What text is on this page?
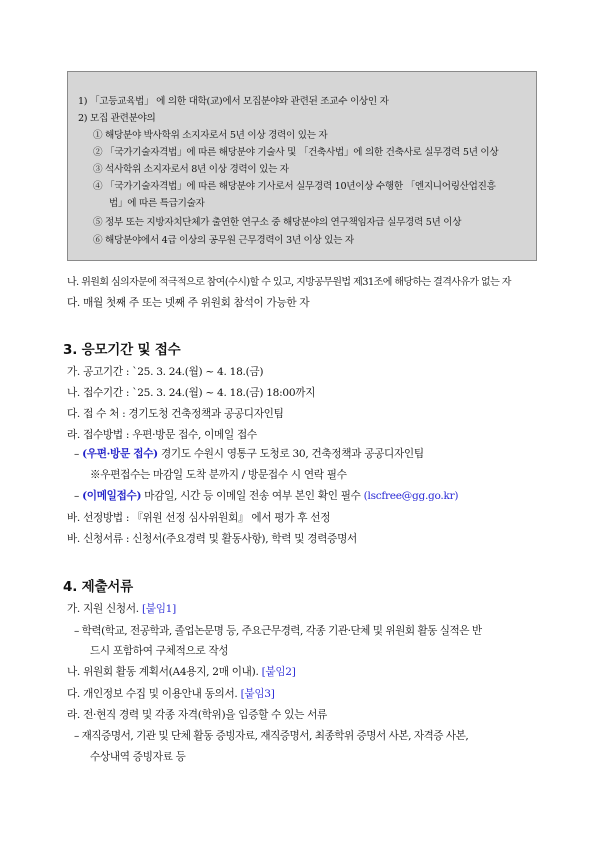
1) 「고등교육법」 에 의한 대학(교)에서 모집분야와 관련된 조교수 이상인 자
2) 모집 관련분야의
① 해당분야 박사학위 소지자로서 5년 이상 경력이 있는 자
② 「국가기술자격법」에 따른 해당분야 기술사 및 「건축사법」에 의한 건축사로 실무경력 5년 이상
③ 석사학위 소지자로서 8년 이상 경력이 있는 자
④ 「국가기술자격법」에 따른 해당분야 기사로서 실무경력 10년이상 수행한 「엔지니어링산업진흥
법」에 따른 특급기술자
⑤ 정부 또는 지방자치단체가 출연한 연구소 중 해당분야의 연구책임자급 실무경력 5년 이상
⑥ 해당분야에서 4급 이상의 공무원 근무경력이 3년 이상 있는 자
나. 위원회 심의자문에 적극적으로 참여(수시)할 수 있고, 지방공무원법 제31조에 해당하는 결격사유가 없는 자
다. 매월 첫째 주 또는 넷째 주 위원회 참석이 가능한 자
3. 응모기간 및 접수
가. 공고기간 : `25. 3. 24.(월) ~ 4. 18.(금)
나. 접수기간 : `25. 3. 24.(월) ~ 4. 18.(금) 18:00까지
다. 접 수 처 : 경기도청 건축정책과 공공디자인팀
라. 접수방법 : 우편·방문 접수, 이메일 접수
– (우편·방문 접수) 경기도 수원시 영통구 도청로 30, 건축정책과 공공디자인팀
※우편접수는 마감일 도착 분까지 / 방문접수 시 연락 필수
– (이메일접수) 마감일, 시간 등 이메일 전송 여부 본인 확인 필수 (lscfree@gg.go.kr)
바. 선정방법 : 『위원 선정 심사위원회』 에서 평가 후 선정
바. 신청서류 : 신청서(주요경력 및 활동사항), 학력 및 경력증명서
4. 제출서류
가. 지원 신청서. [붙임1]
– 학력(학교, 전공학과, 졸업논문명 등, 주요근무경력, 각종 기관·단체 및 위원회 활동 실적은 반
드시 포함하여 구체적으로 작성
나. 위원회 활동 계획서(A4용지, 2매 이내). [붙임2]
다. 개인정보 수집 및 이용안내 동의서. [붙임3]
라. 전·현직 경력 및 각종 자격(학위)을 입증할 수 있는 서류
– 재직증명서, 기관 및 단체 활동 증빙자료, 재직증명서, 최종학위 증명서 사본, 자격증 사본,
수상내역 증빙자료 등
